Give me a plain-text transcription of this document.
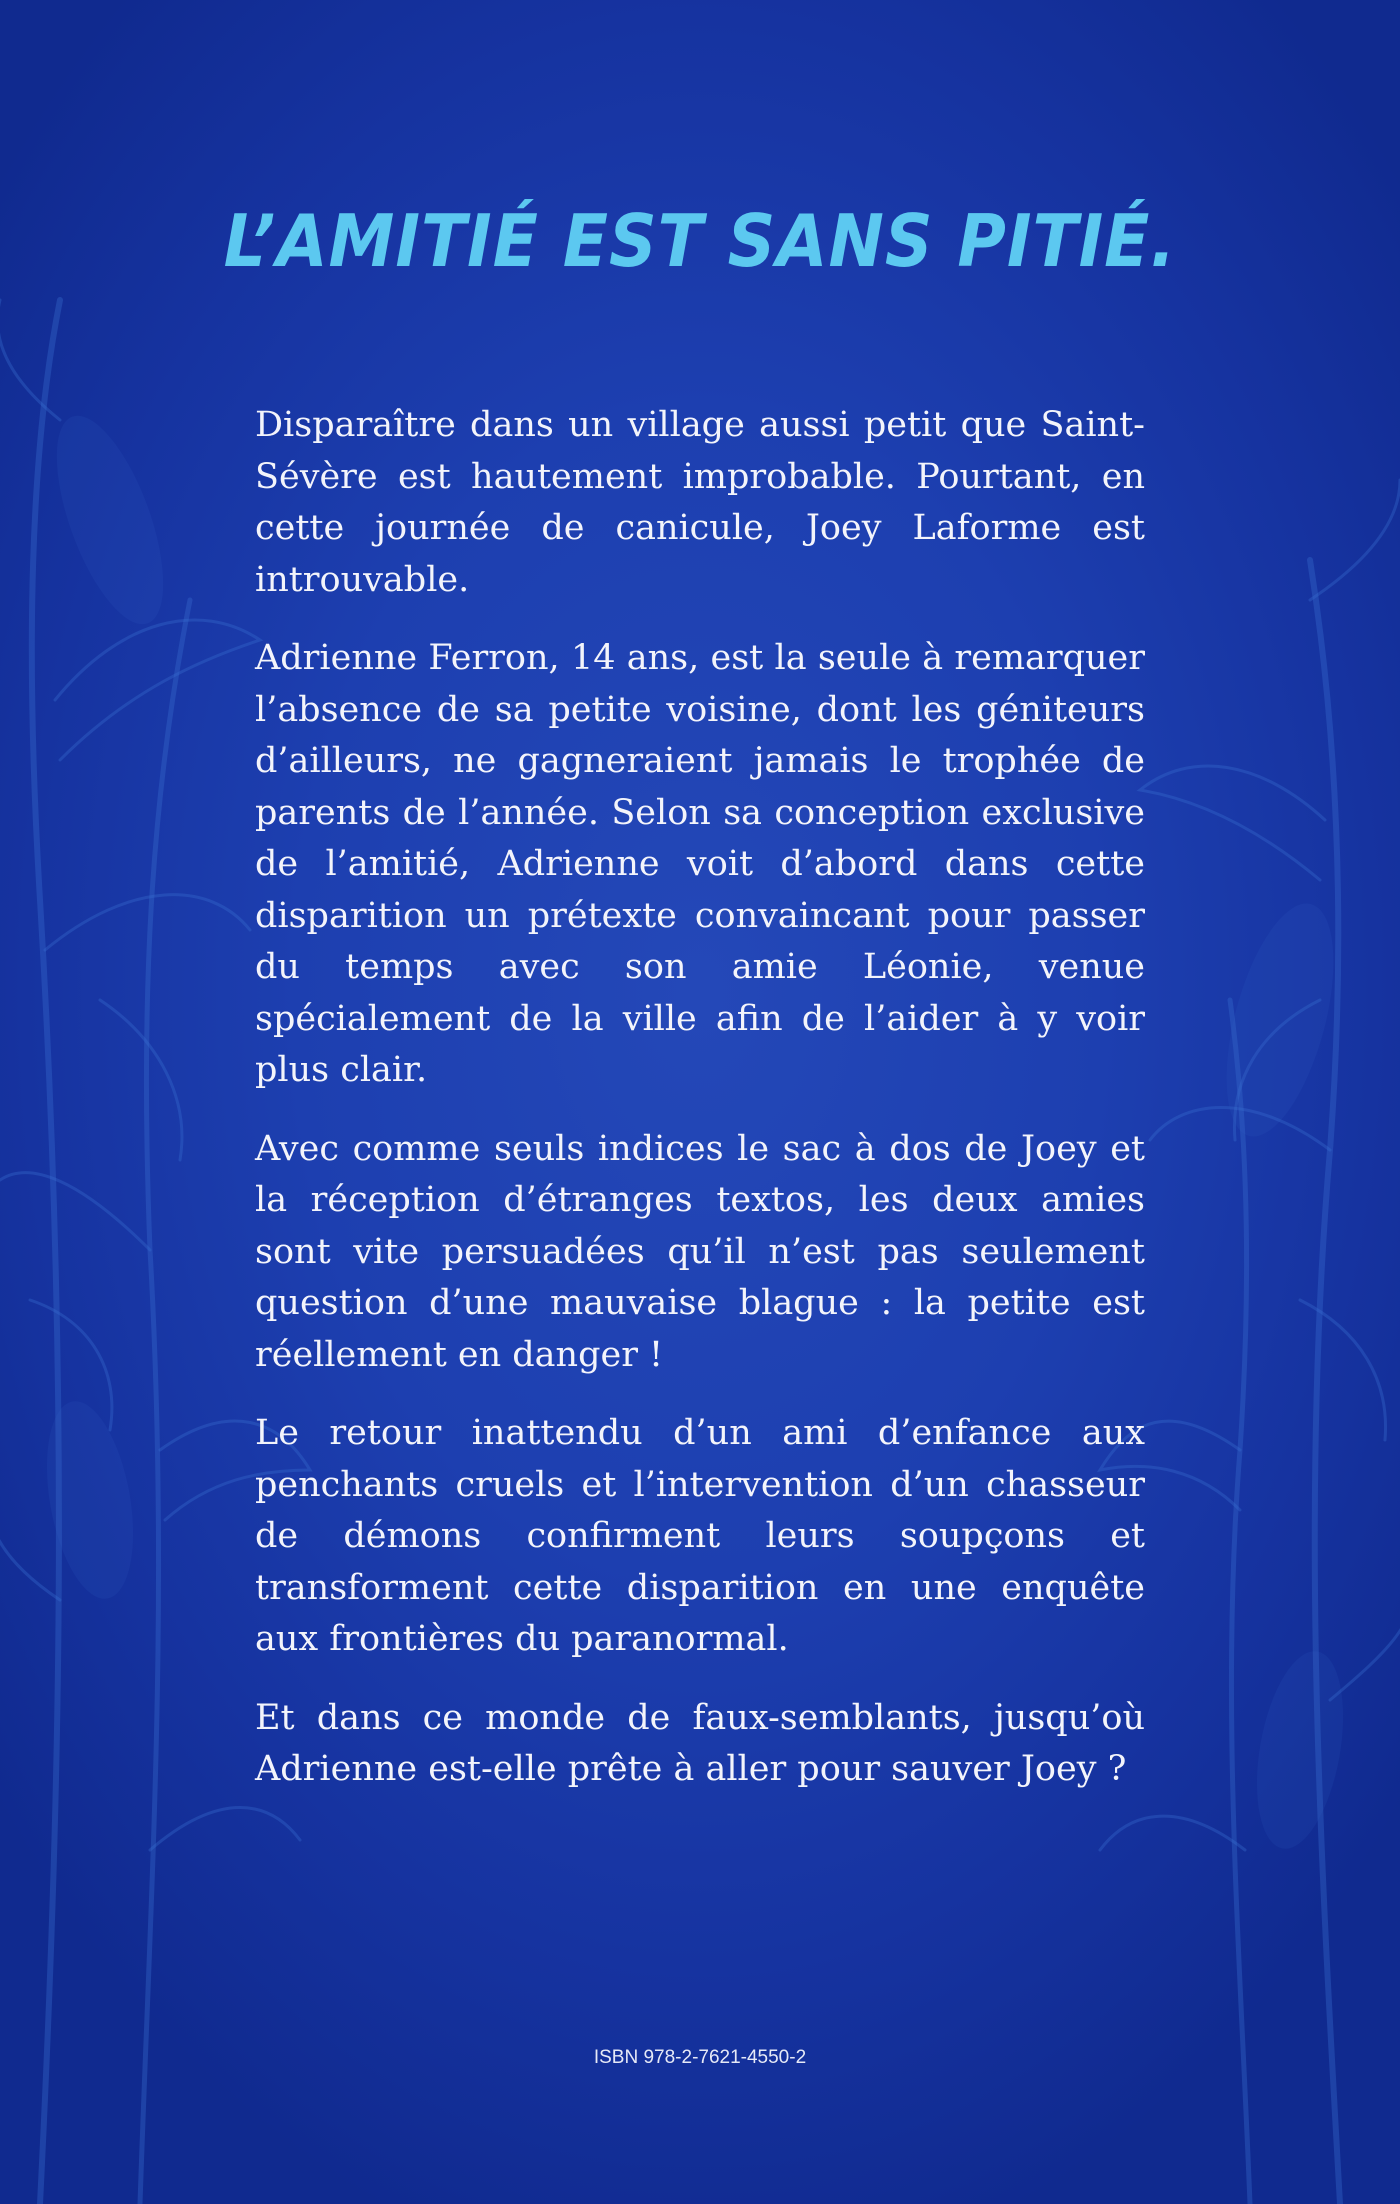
L’AMITIÉ EST SANS PITIÉ.

Disparaître dans un village aussi petit que Saint-Sévère est hautement improbable. Pourtant, en cette journée de canicule, Joey Laforme est introuvable.

Adrienne Ferron, 14 ans, est la seule à remarquer l’absence de sa petite voisine, dont les géniteurs d’ailleurs, ne gagneraient jamais le trophée de parents de l’année. Selon sa conception exclusive de l’amitié, Adrienne voit d’abord dans cette disparition un prétexte convaincant pour passer du temps avec son amie Léonie, venue spécialement de la ville afin de l’aider à y voir plus clair.

Avec comme seuls indices le sac à dos de Joey et la réception d’étranges textos, les deux amies sont vite persuadées qu’il n’est pas seulement question d’une mauvaise blague : la petite est réellement en danger !

Le retour inattendu d’un ami d’enfance aux penchants cruels et l’intervention d’un chasseur de démons confirment leurs soupçons et transforment cette disparition en une enquête aux frontières du paranormal.

Et dans ce monde de faux-semblants, jusqu’où Adrienne est-elle prête à aller pour sauver Joey ?

ISBN 978-2-7621-4550-2
